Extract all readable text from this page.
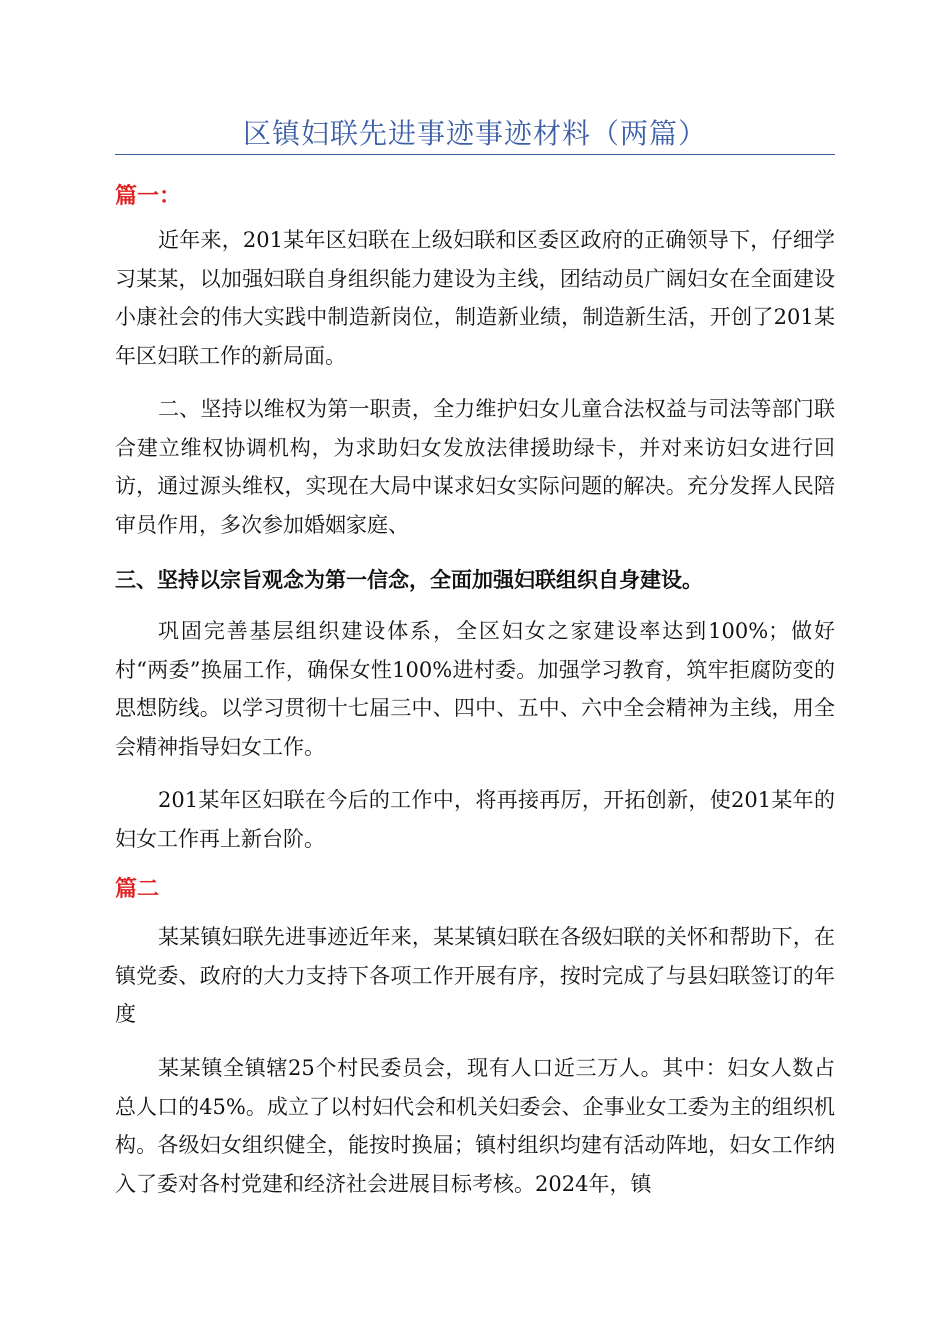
区镇妇联先进事迹事迹材料（两篇）
篇一：
近年来，201某年区妇联在上级妇联和区委区政府的正确领导下，仔细学习某某，以加强妇联自身组织能力建设为主线，团结动员广阔妇女在全面建设小康社会的伟大实践中制造新岗位，制造新业绩，制造新生活，开创了201某年区妇联工作的新局面。
二、坚持以维权为第一职责，全力维护妇女儿童合法权益与司法等部门联合建立维权协调机构，为求助妇女发放法律援助绿卡，并对来访妇女进行回访，通过源头维权，实现在大局中谋求妇女实际问题的解决。充分发挥人民陪审员作用，多次参加婚姻家庭、
三、坚持以宗旨观念为第一信念，全面加强妇联组织自身建设。
巩固完善基层组织建设体系，全区妇女之家建设率达到100%；做好村“两委”换届工作，确保女性100%进村委。加强学习教育，筑牢拒腐防变的思想防线。以学习贯彻十七届三中、四中、五中、六中全会精神为主线，用全会精神指导妇女工作。
201某年区妇联在今后的工作中，将再接再厉，开拓创新，使201某年的妇女工作再上新台阶。
篇二
某某镇妇联先进事迹近年来，某某镇妇联在各级妇联的关怀和帮助下，在镇党委、政府的大力支持下各项工作开展有序，按时完成了与县妇联签订的年度
某某镇全镇辖25个村民委员会，现有人口近三万人。其中：妇女人数占总人口的45%。成立了以村妇代会和机关妇委会、企事业女工委为主的组织机构。各级妇女组织健全，能按时换届；镇村组织均建有活动阵地，妇女工作纳入了委对各村党建和经济社会进展目标考核。2024年，镇
